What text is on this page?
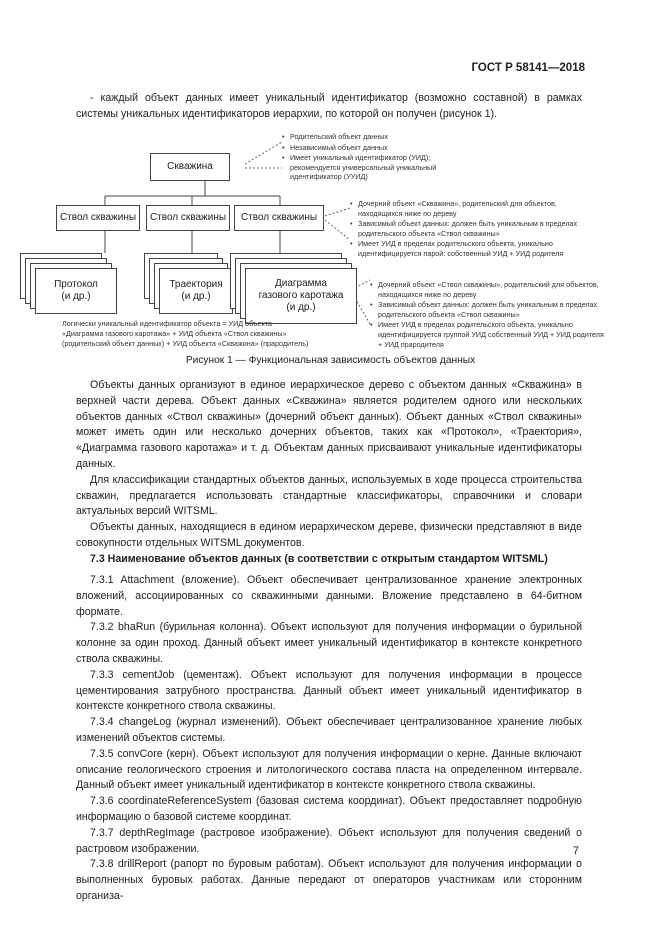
ГОСТ Р 58141—2018

- каждый объект данных имеет уникальный идентификатор (возможно составной) в рамках системы уникальных идентификаторов иерархии, по которой он получен (рисунок 1).

Скважина
Ствол скважины	Ствол скважины	Ствол скважины
Протокол
(и др.)
Траектория
(и др.)
Диаграмма
газового каротажа
(и др.)
• Родительский объект данных
• Независимый объект данных
• Имеет уникальный идентификатор (УИД); рекомендуется универсальный уникальный идентификатор (УУИД)
• Дочерний объект «Скважина», родительский для объектов, находящихся ниже по дереву
• Зависимый объект данных: должен быть уникальным в пределах родительского объекта «Ствол скважины»
• Имеет УИД в пределах родительского объекта, уникально идентифицируется парой: собственный УИД + УИД родителя
• Дочерний объект «Ствол скважины», родительский для объектов, находящихся ниже по дереву
• Зависимый объект данных: должен быть уникальным в пределах родительского объекта «Ствол скважины»
• Имеет УИД в пределах родительского объекта, уникально идентифицируется группой УИД собственный УИД + УИД родителя + УИД прародителя
Логически уникальный идентификатор объекта = УИД объекта
«Диаграмма газового каротажа» + УИД объекта «Ствол скважины»
(родительский объект данных) + УИД объекта «Скважина» (прародитель)
Рисунок 1 — Функциональная зависимость объектов данных

Объекты данных организуют в единое иерархическое дерево с объектом данных «Скважина» в верхней части дерева. Объект данных «Скважина» является родителем одного или нескольких объектов данных «Ствол скважины» (дочерний объект данных). Объект данных «Ствол скважины» может иметь один или несколько дочерних объектов, таких как «Протокол», «Траектория», «Диаграмма газового каротажа» и т. д. Объектам данных присваивают уникальные идентификаторы данных.

Для классификации стандартных объектов данных, используемых в ходе процесса строительства скважин, предлагается использовать стандартные классификаторы, справочники и словари актуальных версий WITSML.

Объекты данных, находящиеся в едином иерархическом дереве, физически представляют в виде совокупности отдельных WITSML документов.

7.3 Наименование объектов данных (в соответствии с открытым стандартом WITSML)

7.3.1 Attachment (вложение). Объект обеспечивает централизованное хранение электронных вложений, ассоциированных со скважинными данными. Вложение представлено в 64-битном формате.

7.3.2 bhaRun (бурильная колонна). Объект используют для получения информации о бурильной колонне за один проход. Данный объект имеет уникальный идентификатор в контексте конкретного ствола скважины.

7.3.3 cementJob (цементаж). Объект используют для получения информации в процессе цементирования затрубного пространства. Данный объект имеет уникальный идентификатор в контексте конкретного ствола скважины.

7.3.4 changeLog (журнал изменений). Объект обеспечивает централизованное хранение любых изменений объектов системы.

7.3.5 convCore (керн). Объект используют для получения информации о керне. Данные включают описание геологического строения и литологического состава пласта на определенном интервале. Данный объект имеет уникальный идентификатор в контексте конкретного ствола скважины.

7.3.6 coordinateReferenceSystem (базовая система координат). Объект предоставляет подробную информацию о базовой системе координат.

7.3.7 depthRegImage (растровое изображение). Объект используют для получения сведений о растровом изображении.

7.3.8 drillReport (рапорт по буровым работам). Объект используют для получения информации о выполненных буровых работах. Данные передают от операторов участникам или сторонним организа-

7
